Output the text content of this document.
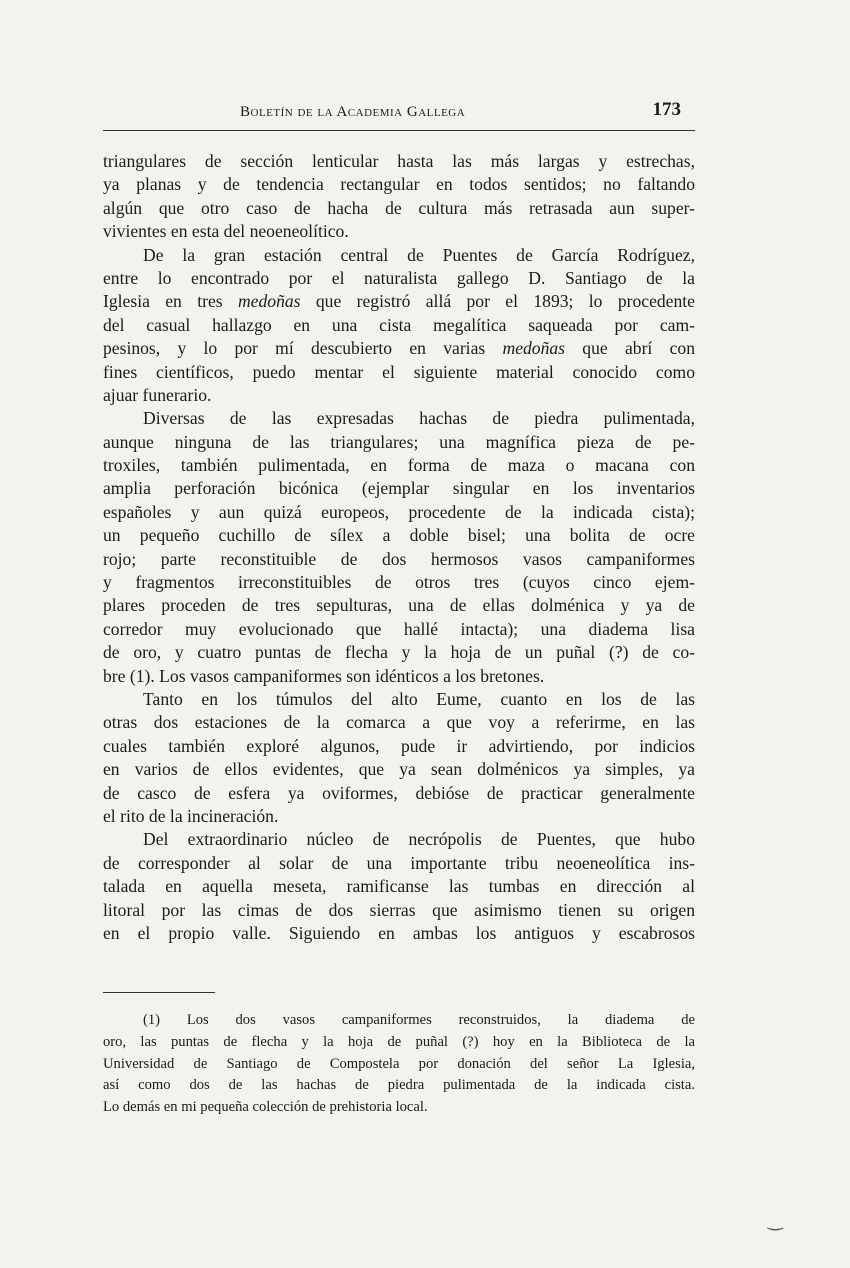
Boletín de la Academia Gallega	173
triangulares de sección lenticular hasta las más largas y estrechas,
ya planas y de tendencia rectangular en todos sentidos; no faltando
algún que otro caso de hacha de cultura más retrasada aun super-
vivientes en esta del neoeneolítico.
De la gran estación central de Puentes de García Rodríguez,
entre lo encontrado por el naturalista gallego D. Santiago de la
Iglesia en tres medoñas que registró allá por el 1893; lo procedente
del casual hallazgo en una cista megalítica saqueada por cam-
pesinos, y lo por mí descubierto en varias medoñas que abrí con
fines científicos, puedo mentar el siguiente material conocido como
ajuar funerario.
Diversas de las expresadas hachas de piedra pulimentada,
aunque ninguna de las triangulares; una magnífica pieza de pe-
troxiles, también pulimentada, en forma de maza o macana con
amplia perforación bicónica (ejemplar singular en los inventarios
españoles y aun quizá europeos, procedente de la indicada cista);
un pequeño cuchillo de sílex a doble bisel; una bolita de ocre
rojo; parte reconstituible de dos hermosos vasos campaniformes
y fragmentos irreconstituibles de otros tres (cuyos cinco ejem-
plares proceden de tres sepulturas, una de ellas dolménica y ya de
corredor muy evolucionado que hallé intacta); una diadema lisa
de oro, y cuatro puntas de flecha y la hoja de un puñal (?) de co-
bre (1). Los vasos campaniformes son idénticos a los bretones.
Tanto en los túmulos del alto Eume, cuanto en los de las
otras dos estaciones de la comarca a que voy a referirme, en las
cuales también exploré algunos, pude ir advirtiendo, por indicios
en varios de ellos evidentes, que ya sean dolménicos ya simples, ya
de casco de esfera ya oviformes, debióse de practicar generalmente
el rito de la incineración.
Del extraordinario núcleo de necrópolis de Puentes, que hubo
de corresponder al solar de una importante tribu neoeneolítica ins-
talada en aquella meseta, ramificanse las tumbas en dirección al
litoral por las cimas de dos sierras que asimismo tienen su origen
en el propio valle. Siguiendo en ambas los antiguos y escabrosos
(1) Los dos vasos campaniformes reconstruidos, la diadema de
oro, las puntas de flecha y la hoja de puñal (?) hoy en la Biblioteca de la
Universidad de Santiago de Compostela por donación del señor La Iglesia,
así como dos de las hachas de piedra pulimentada de la indicada cista.
Lo demás en mi pequeña colección de prehistoria local.
‿
